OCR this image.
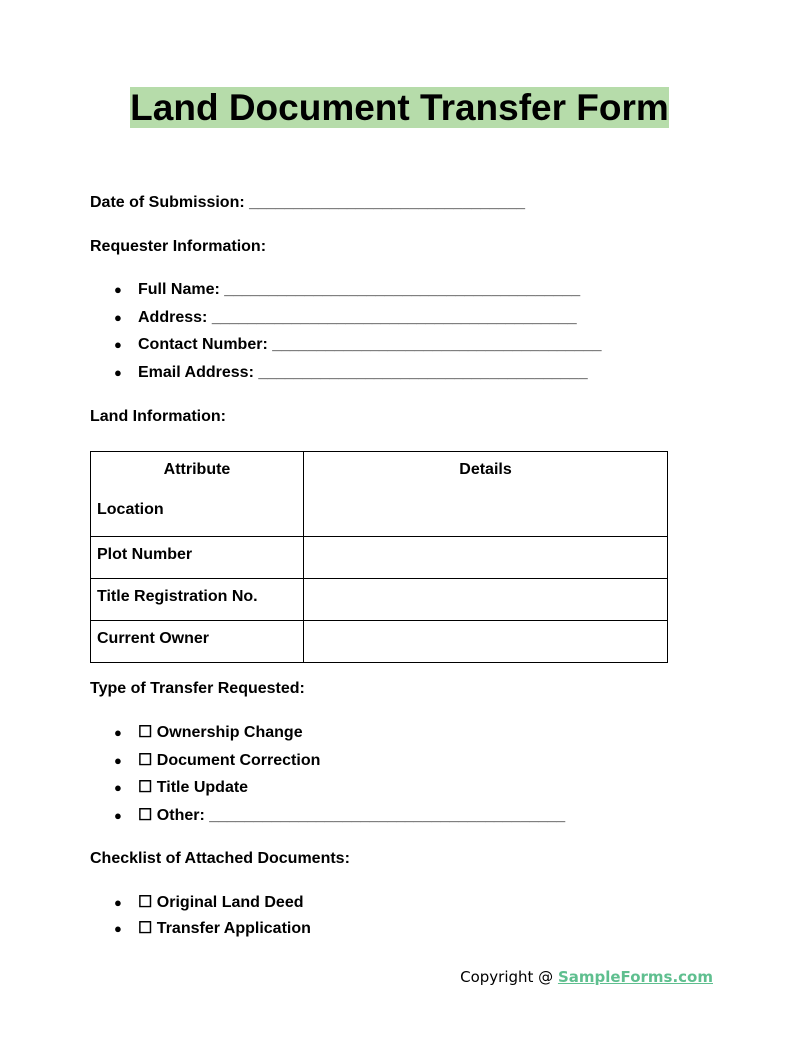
Land Document Transfer Form
Date of Submission: _______________________________
Requester Information:
● Full Name: ________________________________________
● Address: _________________________________________
● Contact Number: _____________________________________
● Email Address: _____________________________________
Land Information:
Attribute	Details
Location	
Plot Number	
Title Registration No.	
Current Owner	
Type of Transfer Requested:
● ☐ Ownership Change
● ☐ Document Correction
● ☐ Title Update
● ☐ Other: ________________________________________
Checklist of Attached Documents:
● ☐ Original Land Deed
● ☐ Transfer Application
Copyright @ SampleForms.com
